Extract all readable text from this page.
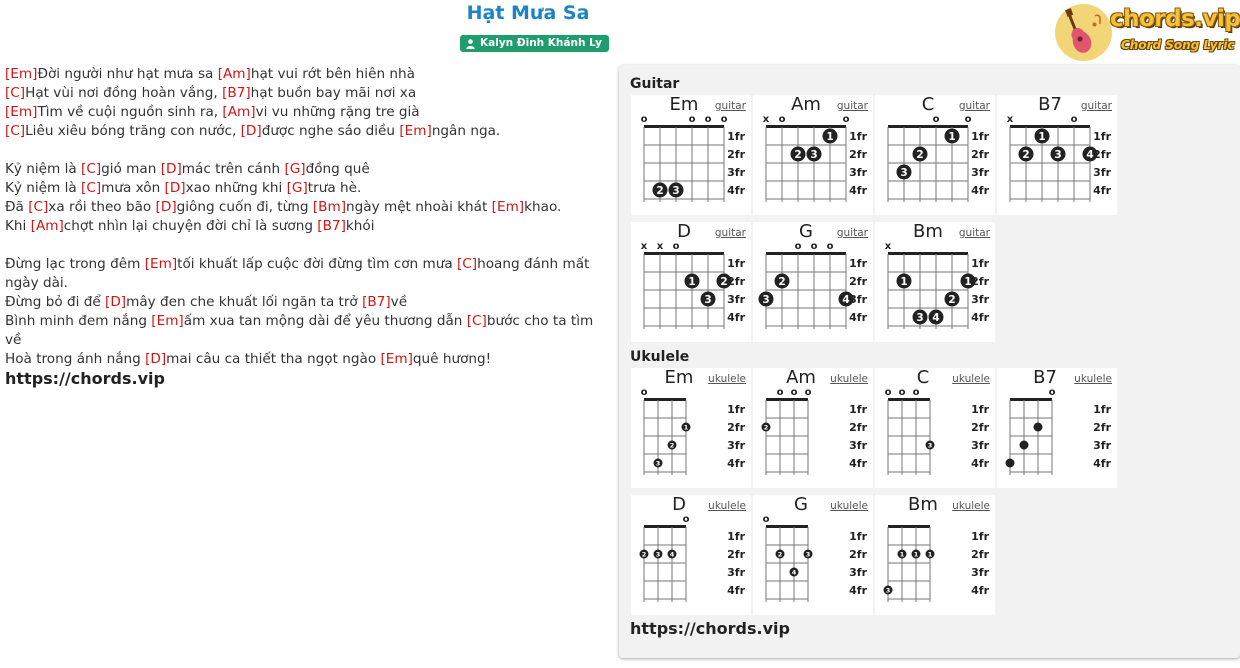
Hạt Mưa Sa
Kalyn Đinh Khánh Ly
chords.vip
Chord Song Lyric
[Em]Đời người như hạt mưa sa [Am]hạt vui rớt bên hiên nhà
[C]Hạt vùi nơi đồng hoàn vắng, [B7]hạt buồn bay mãi nơi xa
[Em]Tìm về cuội nguồn sinh ra, [Am]vi vu những rặng tre già
[C]Liêu xiêu bóng trăng con nước, [D]được nghe sáo diều [Em]ngân nga.
Kỷ niệm là [C]gió man [D]mác trên cánh [G]đồng quê
Kỷ niệm là [C]mưa xôn [D]xao những khi [G]trưa hè.
Đã [C]xa rồi theo bão [D]giông cuốn đi, từng [Bm]ngày mệt nhoài khát [Em]khao.
Khi [Am]chợt nhìn lại chuyện đời chỉ là sương [B7]khói
Đừng lạc trong đêm [Em]tối khuất lấp cuộc đời đừng tìm cơn mưa [C]hoang đánh mất
ngày dài.
Đừng bỏ đi để [D]mây đen che khuất lối ngăn ta trở [B7]về
Bình minh đem nắng [Em]ấm xua tan mộng dài để yêu thương dẫn [C]bước cho ta tìm về
Hoà trong ánh nắng [D]mai câu ca thiết tha ngọt ngào [Em]quê hương!
https://chords.vip
Guitar
o	o o o
2 3
1fr
2fr
3fr
4fr
Em	guitar
x o	o
1
2 3
1fr
2fr
3fr
4fr
Am	guitar
o	o
1
2
3
1fr
2fr
3fr
4fr
C	guitar
x	o
1
2 3 4
1fr
2fr
3fr
4fr
B7	guitar
x x o
1 2
3
1fr
2fr
3fr
4fr
D	guitar
o o o
2
3	4
1fr
2fr
3fr
4fr
G	guitar
x
1	1
2
3 4
1fr
2fr
3fr
4fr
Bm	guitar
Ukulele
o
1
2
3
1fr
2fr
3fr
4fr
Em	ukulele
o o o
2
1fr
2fr
3fr
4fr
Am	ukulele
o o o
3
1fr
2fr
3fr
4fr
C	ukulele
o
1fr
2fr
3fr
4fr
B7	ukulele
o
2 3 4
1fr
2fr
3fr
4fr
D	ukulele
o
2	3
4
1fr
2fr
3fr
4fr
G	ukulele
1 1 1
3
1fr
2fr
3fr
4fr
Bm	ukulele
https://chords.vip
